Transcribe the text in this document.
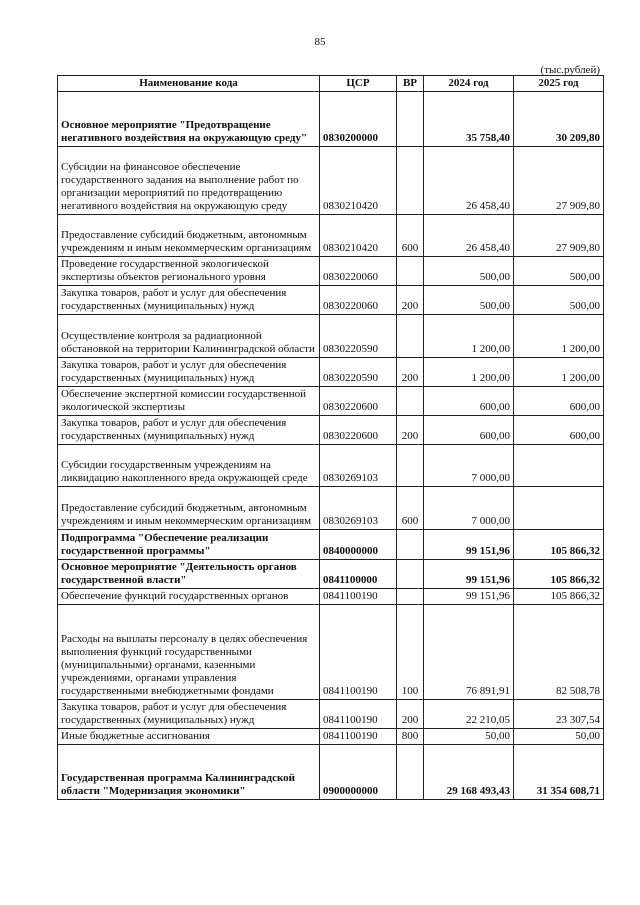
85
(тыс.рублей)
Наименование кода	ЦСР	ВР	2024 год	2025 год
Основное мероприятие "Предотвращение негативного воздействия на окружающую среду"	0830200000		35 758,40	30 209,80
Субсидии на финансовое обеспечение государственного задания на выполнение работ по организации мероприятий по предотвращению негативного воздействия на окружающую среду	0830210420		26 458,40	27 909,80
Предоставление субсидий бюджетным, автономным учреждениям и иным некоммерческим организациям	0830210420	600	26 458,40	27 909,80
Проведение государственной экологической экспертизы объектов регионального уровня	0830220060		500,00	500,00
Закупка товаров, работ и услуг для обеспечения государственных (муниципальных) нужд	0830220060	200	500,00	500,00
Осуществление контроля за радиационной обстановкой на территории Калининградской области	0830220590		1 200,00	1 200,00
Закупка товаров, работ и услуг для обеспечения государственных (муниципальных) нужд	0830220590	200	1 200,00	1 200,00
Обеспечение экспертной комиссии государственной экологической экспертизы	0830220600		600,00	600,00
Закупка товаров, работ и услуг для обеспечения государственных (муниципальных) нужд	0830220600	200	600,00	600,00
Субсидии государственным учреждениям на ликвидацию накопленного вреда окружающей среде	0830269103		7 000,00	
Предоставление субсидий бюджетным, автономным учреждениям и иным некоммерческим организациям	0830269103	600	7 000,00	
Подпрограмма "Обеспечение реализации государственной программы"	0840000000		99 151,96	105 866,32
Основное мероприятие "Деятельность органов государственной власти"	0841100000		99 151,96	105 866,32
Обеспечение функций государственных органов	0841100190		99 151,96	105 866,32
Расходы на выплаты персоналу в целях обеспечения выполнения функций государственными (муниципальными) органами, казенными учреждениями, органами управления государственными внебюджетными фондами	0841100190	100	76 891,91	82 508,78
Закупка товаров, работ и услуг для обеспечения государственных (муниципальных) нужд	0841100190	200	22 210,05	23 307,54
Иные бюджетные ассигнования	0841100190	800	50,00	50,00
Государственная программа Калининградской области "Модернизация экономики"	0900000000		29 168 493,43	31 354 608,71
